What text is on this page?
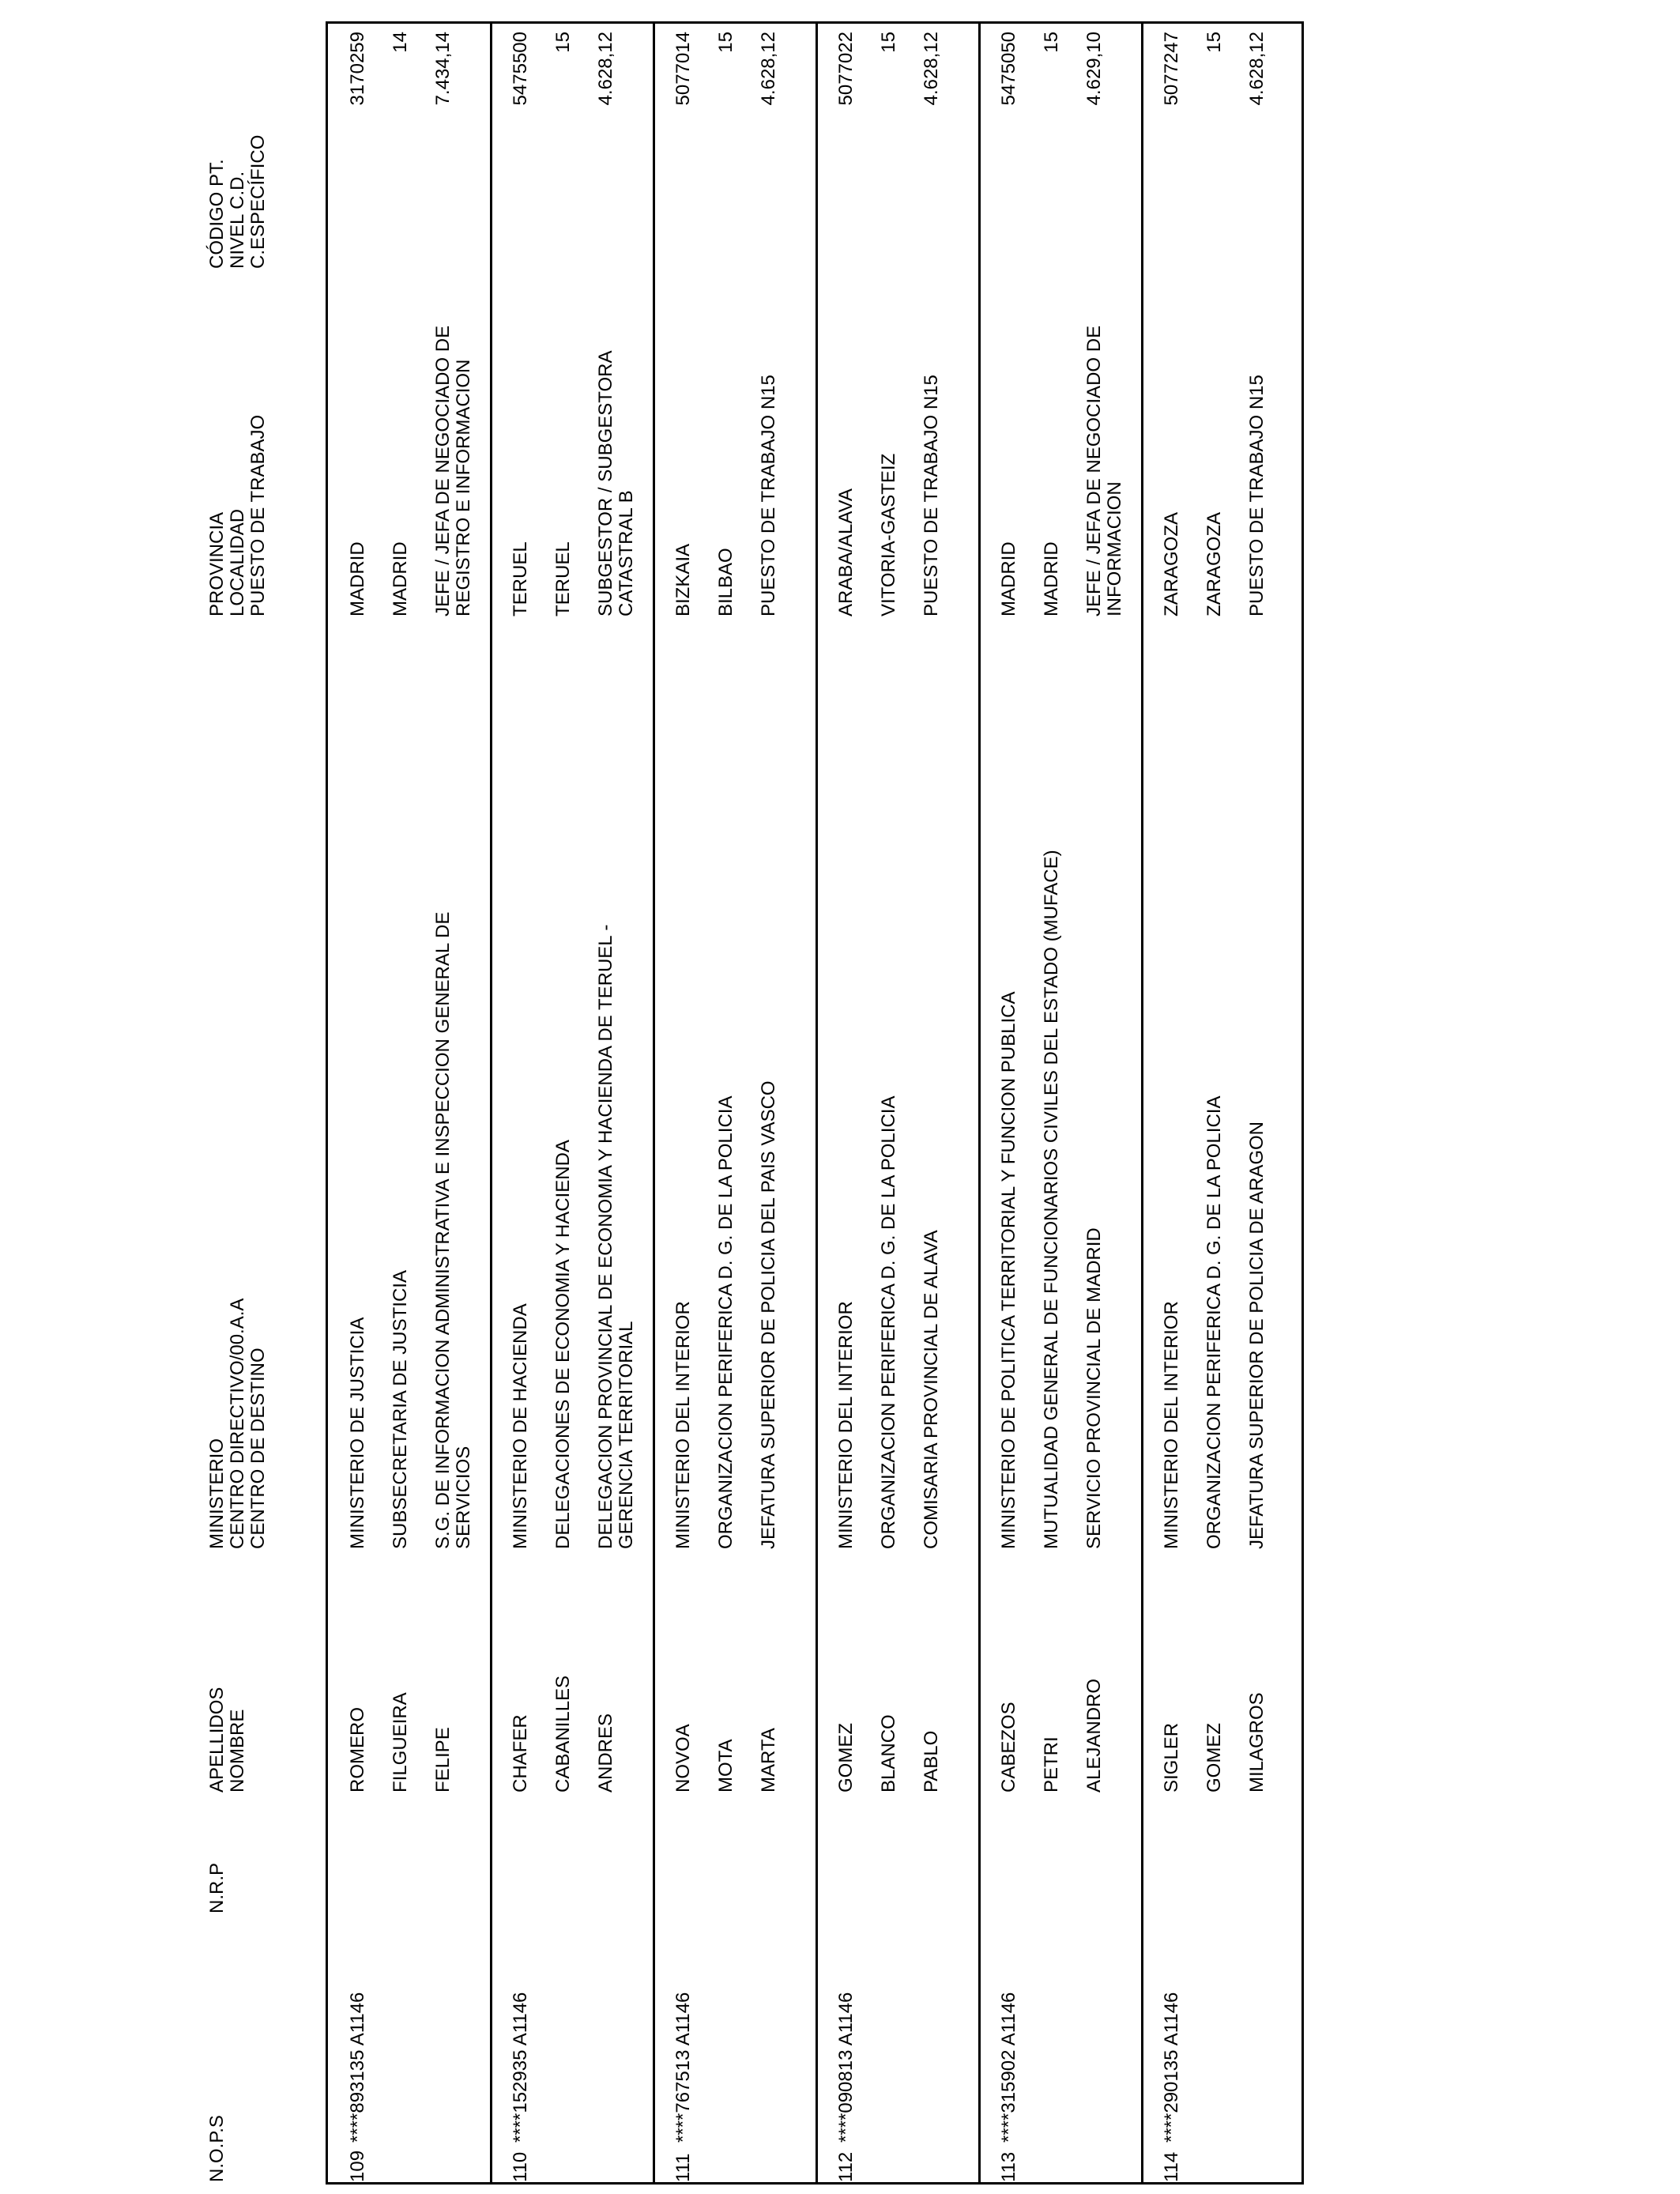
N.O.P.S
N.R.P
APELLIDOS
NOMBRE
MINISTERIO
CENTRO DIRECTIVO/00.A.A
CENTRO DE DESTINO
PROVINCIA
LOCALIDAD
PUESTO DE TRABAJO
CÓDIGO PT.
NIVEL C.D.
C.ESPECÍFICO
109
****893135 A1146
ROMERO FILGUEIRA FELIPE
MINISTERIO DE JUSTICIA SUBSECRETARIA DE JUSTICIA S.G. DE INFORMACION ADMINISTRATIVA E INSPECCION GENERAL DE
SERVICIOS
MADRID MADRID JEFE / JEFA DE NEGOCIADO DE
REGISTRO E INFORMACION
3170259 14 7.434,14
110
****152935 A1146
CHAFER CABANILLES ANDRES
MINISTERIO DE HACIENDA DELEGACIONES DE ECONOMIA Y HACIENDA DELEGACION PROVINCIAL DE ECONOMIA Y HACIENDA DE TERUEL -
GERENCIA TERRITORIAL
TERUEL TERUEL SUBGESTOR / SUBGESTORA
CATASTRAL B
5475500 15 4.628,12
111
****767513 A1146
NOVOA MOTA MARTA
MINISTERIO DEL INTERIOR ORGANIZACION PERIFERICA D. G. DE LA POLICIA JEFATURA SUPERIOR DE POLICIA DEL PAIS VASCO
BIZKAIA BILBAO PUESTO DE TRABAJO N15
5077014 15 4.628,12
112
****090813 A1146
GOMEZ BLANCO PABLO
MINISTERIO DEL INTERIOR ORGANIZACION PERIFERICA D. G. DE LA POLICIA COMISARIA PROVINCIAL DE ALAVA
ARABA/ALAVA VITORIA-GASTEIZ PUESTO DE TRABAJO N15
5077022 15 4.628,12
113
****315902 A1146
CABEZOS PETRI ALEJANDRO
MINISTERIO DE POLITICA TERRITORIAL Y FUNCION PUBLICA MUTUALIDAD GENERAL DE FUNCIONARIOS CIVILES DEL ESTADO (MUFACE) SERVICIO PROVINCIAL DE MADRID
MADRID MADRID JEFE / JEFA DE NEGOCIADO DE
INFORMACION
5475050 15 4.629,10
114
****290135 A1146
SIGLER GOMEZ MILAGROS
MINISTERIO DEL INTERIOR ORGANIZACION PERIFERICA D. G. DE LA POLICIA JEFATURA SUPERIOR DE POLICIA DE ARAGON
ZARAGOZA ZARAGOZA PUESTO DE TRABAJO N15
5077247 15 4.628,12
